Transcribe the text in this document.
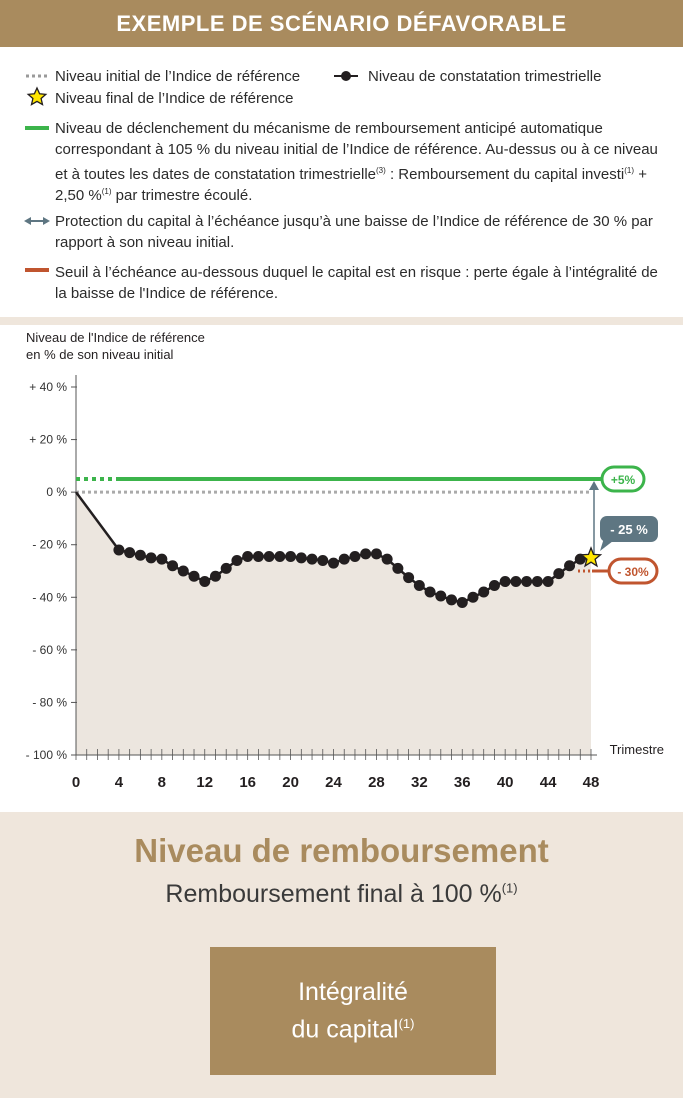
EXEMPLE DE SCÉNARIO DÉFAVORABLE
Niveau initial de l’Indice de référence	Niveau de constatation trimestrielle
Niveau final de l’Indice de référence
Niveau de déclenchement du mécanisme de remboursement anticipé automatique
correspondant à 105 % du niveau initial de l’Indice de référence. Au-dessus ou à ce niveau
et à toutes les dates de constatation trimestrielle$^{(3)}$ : Remboursement du capital investi$^{(1)}$ +
2,50 %$^{(1)}$ par trimestre écoulé.
Protection du capital à l’échéance jusqu’à une baisse de l’Indice de référence de 30 % par
rapport à son niveau initial.
Seuil à l’échéance au-dessous duquel le capital est en risque : perte égale à l’intégralité de
la baisse de l'Indice de référence.
Niveau de l'Indice de référence
en % de son niveau initial
Trimestre
+ 40 %
+ 20 %
0 %
- 20 %
- 40 %
- 60 %
- 80 %
- 100 %
0 4 8 12 16 20 24 28 32 36 40 44 48
+5%
- 30%
- 25 %
Niveau de remboursement
Remboursement final à 100 %$^{(1)}$
Intégralité
du capital$^{(1)}$
